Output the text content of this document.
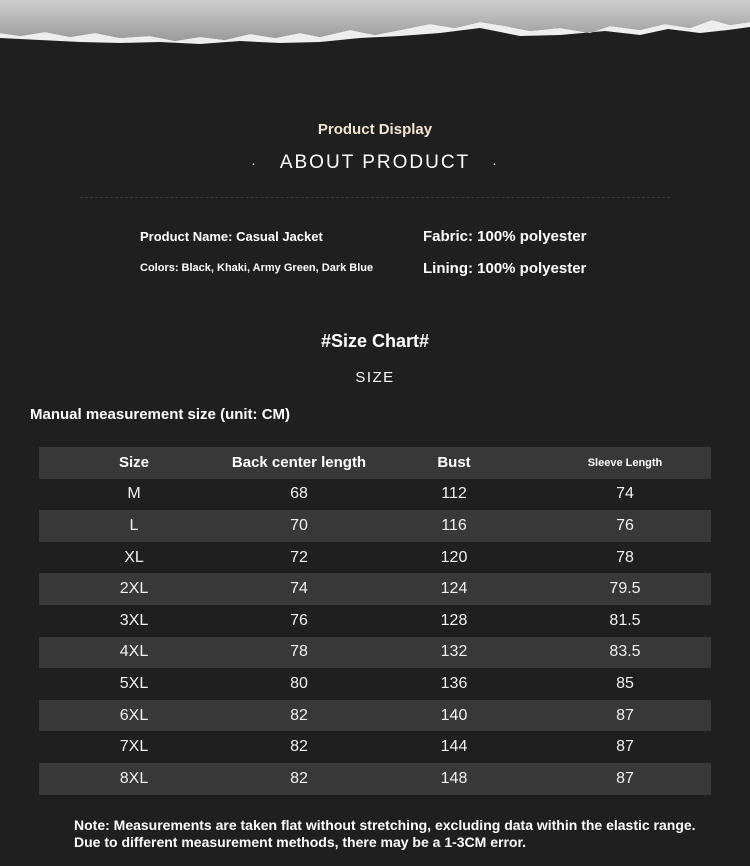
Product Display
· ABOUT PRODUCT ·
Product Name: Casual Jacket
Colors: Black, Khaki, Army Green, Dark Blue
Fabric: 100% polyester
Lining: 100% polyester
#Size Chart#
SIZE
Manual measurement size (unit: CM)
Size	Back center length	Bust	Sleeve Length
M	68	112	74
L	70	116	76
XL	72	120	78
2XL	74	124	79.5
3XL	76	128	81.5
4XL	78	132	83.5
5XL	80	136	85
6XL	82	140	87
7XL	82	144	87
8XL	82	148	87
Note: Measurements are taken flat without stretching, excluding data within the elastic range. Due to different measurement methods, there may be a 1-3CM error.
